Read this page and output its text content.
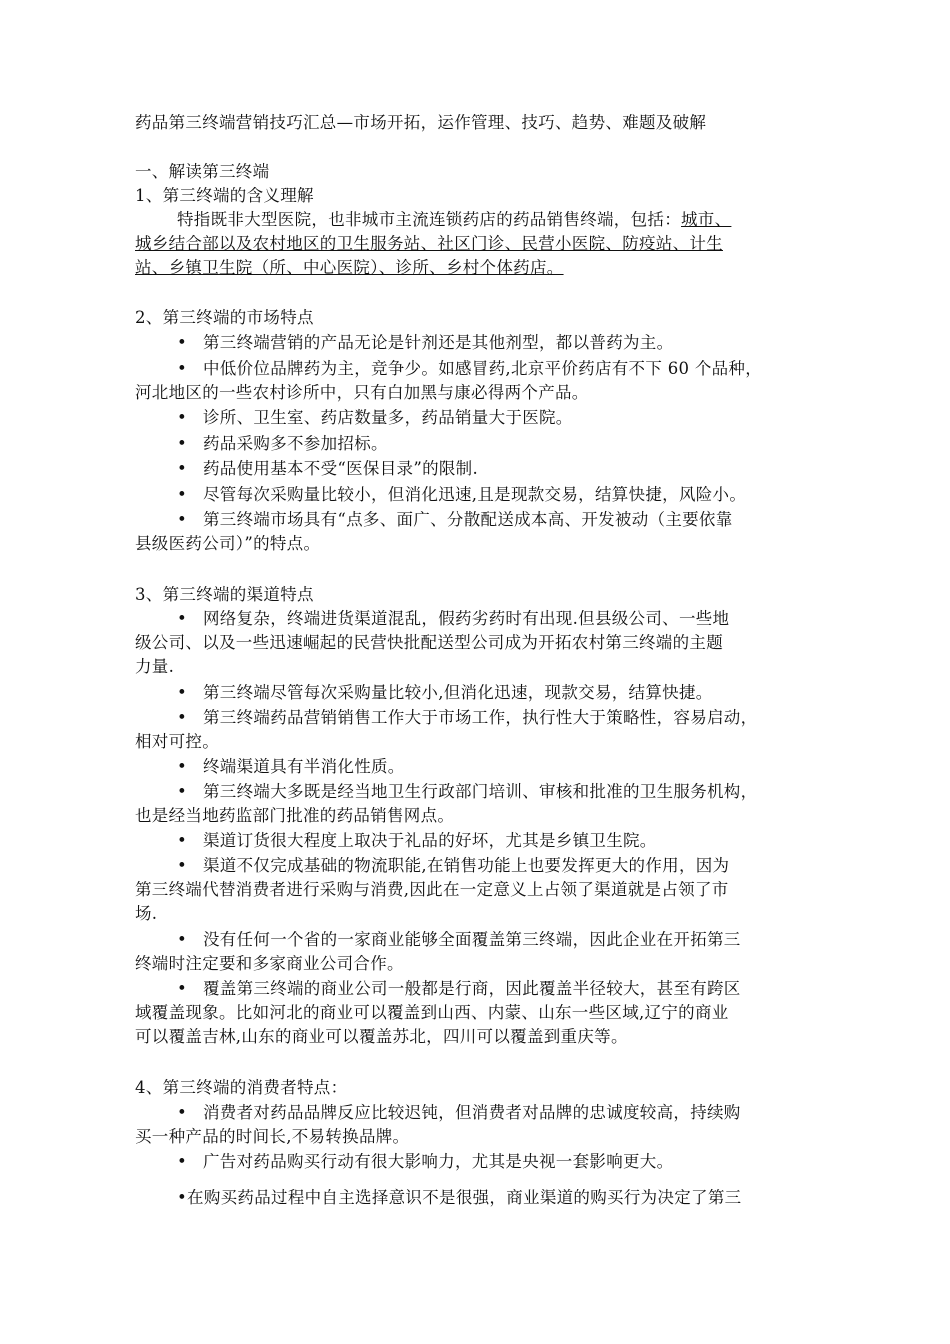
药品第三终端营销技巧汇总—市场开拓，运作管理、技巧、趋势、难题及破解
一、解读第三终端
1、第三终端的含义理解
特指既非大型医院，也非城市主流连锁药店的药品销售终端，包括：城市、
城乡结合部以及农村地区的卫生服务站、社区门诊、民营小医院、防疫站、计生
站、乡镇卫生院（所、中心医院）、诊所、乡村个体药店。
2、第三终端的市场特点
• 第三终端营销的产品无论是针剂还是其他剂型，都以普药为主。
• 中低价位品牌药为主，竞争少。如感冒药,北京平价药店有不下 60 个品种，
河北地区的一些农村诊所中，只有白加黑与康必得两个产品。
• 诊所、卫生室、药店数量多，药品销量大于医院。
• 药品采购多不参加招标。
• 药品使用基本不受“医保目录”的限制.
• 尽管每次采购量比较小，但消化迅速,且是现款交易，结算快捷，风险小。
• 第三终端市场具有“点多、面广、分散配送成本高、开发被动（主要依靠
县级医药公司）”的特点。
3、第三终端的渠道特点
• 网络复杂，终端进货渠道混乱，假药劣药时有出现.但县级公司、一些地
级公司、以及一些迅速崛起的民营快批配送型公司成为开拓农村第三终端的主题
力量.
• 第三终端尽管每次采购量比较小,但消化迅速，现款交易，结算快捷。
• 第三终端药品营销销售工作大于市场工作，执行性大于策略性，容易启动，
相对可控。
• 终端渠道具有半消化性质。
• 第三终端大多既是经当地卫生行政部门培训、审核和批准的卫生服务机构，
也是经当地药监部门批准的药品销售网点。
• 渠道订货很大程度上取决于礼品的好坏，尤其是乡镇卫生院。
• 渠道不仅完成基础的物流职能,在销售功能上也要发挥更大的作用，因为
第三终端代替消费者进行采购与消费,因此在一定意义上占领了渠道就是占领了市
场.
• 没有任何一个省的一家商业能够全面覆盖第三终端，因此企业在开拓第三
终端时注定要和多家商业公司合作。
• 覆盖第三终端的商业公司一般都是行商，因此覆盖半径较大，甚至有跨区
域覆盖现象。比如河北的商业可以覆盖到山西、内蒙、山东一些区域,辽宁的商业
可以覆盖吉林,山东的商业可以覆盖苏北，四川可以覆盖到重庆等。
4、第三终端的消费者特点：
• 消费者对药品品牌反应比较迟钝，但消费者对品牌的忠诚度较高，持续购
买一种产品的时间长,不易转换品牌。
• 广告对药品购买行动有很大影响力，尤其是央视一套影响更大。
•在购买药品过程中自主选择意识不是很强，商业渠道的购买行为决定了第三
